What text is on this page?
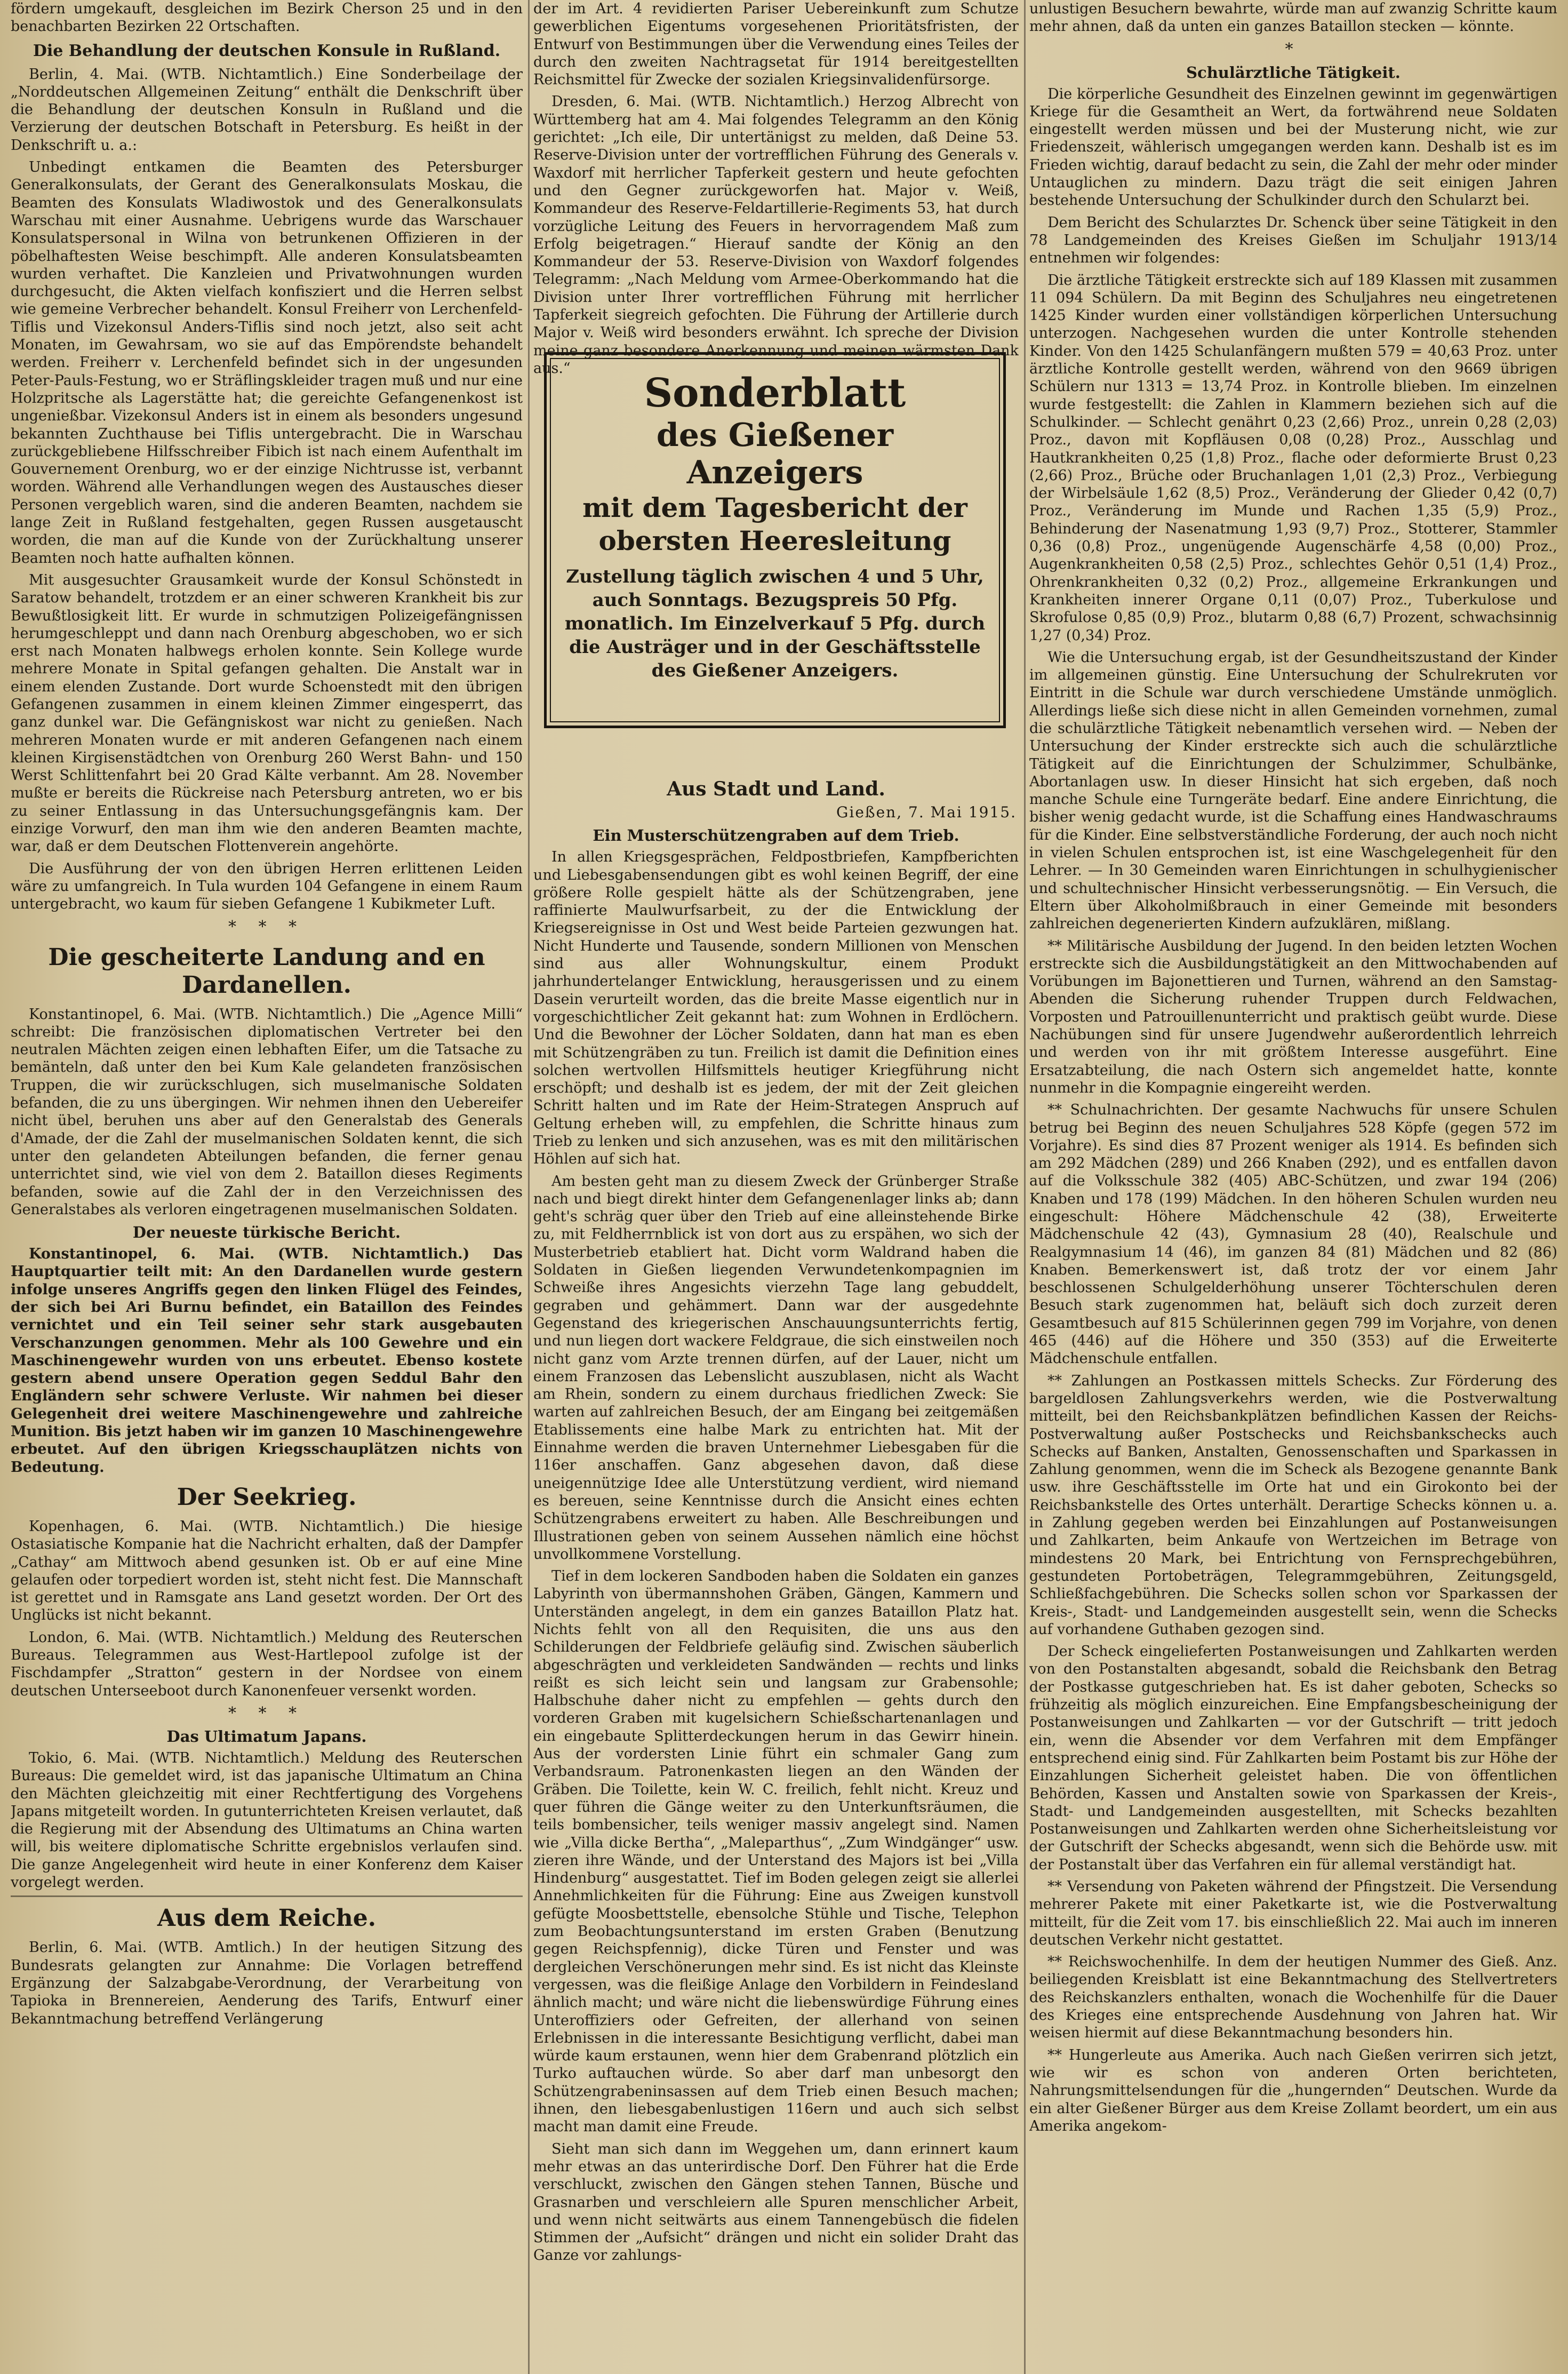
fördern umgekauft, desgleichen im Bezirk Cherson 25 und in den benachbarten Bezirken 22 Ortschaften.

Die Behandlung der deutschen Konsule in Rußland.

Berlin, 4. Mai. (WTB. Nichtamtlich.) Eine Sonderbeilage der „Norddeutschen Allgemeinen Zeitung“ enthält die Denkschrift über die Behandlung der deutschen Konsuln in Rußland und die Verzierung der deutschen Botschaft in Petersburg. Es heißt in der Denkschrift u. a.:

Unbedingt entkamen die Beamten des Petersburger Generalkonsulats, der Gerant des Generalkonsulats Moskau, die Beamten des Konsulats Wladiwostok und des Generalkonsulats Warschau mit einer Ausnahme. Uebrigens wurde das Warschauer Konsulatspersonal in Wilna von betrunkenen Offizieren in der pöbelhaftesten Weise beschimpft. Alle anderen Konsulatsbeamten wurden verhaftet. Die Kanzleien und Privatwohnungen wurden durchgesucht, die Akten vielfach konfisziert und die Herren selbst wie gemeine Verbrecher behandelt. Konsul Freiherr von Lerchenfeld-Tiflis und Vizekonsul Anders-Tiflis sind noch jetzt, also seit acht Monaten, im Gewahrsam, wo sie auf das Empörendste behandelt werden. Freiherr v. Lerchenfeld befindet sich in der ungesunden Peter-Pauls-Festung, wo er Sträflingskleider tragen muß und nur eine Holzpritsche als Lagerstätte hat; die gereichte Gefangenenkost ist ungenießbar. Vizekonsul Anders ist in einem als besonders ungesund bekannten Zuchthause bei Tiflis untergebracht. Die in Warschau zurückgebliebene Hilfsschreiber Fibich ist nach einem Aufenthalt im Gouvernement Orenburg, wo er der einzige Nichtrusse ist, verbannt worden. Während alle Verhandlungen wegen des Austausches dieser Personen vergeblich waren, sind die anderen Beamten, nachdem sie lange Zeit in Rußland festgehalten, gegen Russen ausgetauscht worden, die man auf die Kunde von der Zurückhaltung unserer Beamten noch hatte aufhalten können.

Mit ausgesuchter Grausamkeit wurde der Konsul Schönstedt in Saratow behandelt, trotzdem er an einer schweren Krankheit bis zur Bewußtlosigkeit litt. Er wurde in schmutzigen Polizeigefängnissen herumgeschleppt und dann nach Orenburg abgeschoben, wo er sich erst nach Monaten halbwegs erholen konnte. Sein Kollege wurde mehrere Monate in Spital gefangen gehalten. Die Anstalt war in einem elenden Zustande. Dort wurde Schoenstedt mit den übrigen Gefangenen zusammen in einem kleinen Zimmer eingesperrt, das ganz dunkel war. Die Gefängniskost war nicht zu genießen. Nach mehreren Monaten wurde er mit anderen Gefangenen nach einem kleinen Kirgisenstädtchen von Orenburg 260 Werst Bahn- und 150 Werst Schlittenfahrt bei 20 Grad Kälte verbannt. Am 28. November mußte er bereits die Rückreise nach Petersburg antreten, wo er bis zu seiner Entlassung in das Untersuchungsgefängnis kam. Der einzige Vorwurf, den man ihm wie den anderen Beamten machte, war, daß er dem Deutschen Flottenverein angehörte.

Die Ausführung der von den übrigen Herren erlittenen Leiden wäre zu umfangreich. In Tula wurden 104 Gefangene in einem Raum untergebracht, wo kaum für sieben Gefangene 1 Kubikmeter Luft.

* * *
Die gescheiterte Landung and en Dardanellen.

Konstantinopel, 6. Mai. (WTB. Nichtamtlich.) Die „Agence Milli“ schreibt: Die französischen diplomatischen Vertreter bei den neutralen Mächten zeigen einen lebhaften Eifer, um die Tatsache zu bemänteln, daß unter den bei Kum Kale gelandeten französischen Truppen, die wir zurückschlugen, sich muselmanische Soldaten befanden, die zu uns übergingen. Wir nehmen ihnen den Uebereifer nicht übel, beruhen uns aber auf den Generalstab des Generals d'Amade, der die Zahl der muselmanischen Soldaten kennt, die sich unter den gelandeten Abteilungen befanden, die ferner genau unterrichtet sind, wie viel von dem 2. Bataillon dieses Regiments befanden, sowie auf die Zahl der in den Verzeichnissen des Generalstabes als verloren eingetragenen muselmanischen Soldaten.

Der neueste türkische Bericht.

Konstantinopel, 6. Mai. (WTB. Nichtamtlich.) Das Hauptquartier teilt mit: An den Dardanellen wurde gestern infolge unseres Angriffs gegen den linken Flügel des Feindes, der sich bei Ari Burnu befindet, ein Bataillon des Feindes vernichtet und ein Teil seiner sehr stark ausgebauten Verschanzungen genommen. Mehr als 100 Gewehre und ein Maschinengewehr wurden von uns erbeutet. Ebenso kostete gestern abend unsere Operation gegen Seddul Bahr den Engländern sehr schwere Verluste. Wir nahmen bei dieser Gelegenheit drei weitere Maschinengewehre und zahlreiche Munition. Bis jetzt haben wir im ganzen 10 Maschinengewehre erbeutet. Auf den übrigen Kriegsschauplätzen nichts von Bedeutung.

Der Seekrieg.

Kopenhagen, 6. Mai. (WTB. Nichtamtlich.) Die hiesige Ostasiatische Kompanie hat die Nachricht erhalten, daß der Dampfer „Cathay“ am Mittwoch abend gesunken ist. Ob er auf eine Mine gelaufen oder torpediert worden ist, steht nicht fest. Die Mannschaft ist gerettet und in Ramsgate ans Land gesetzt worden. Der Ort des Unglücks ist nicht bekannt.

London, 6. Mai. (WTB. Nichtamtlich.) Meldung des Reuterschen Bureaus. Telegrammen aus West-Hartlepool zufolge ist der Fischdampfer „Stratton“ gestern in der Nordsee von einem deutschen Unterseeboot durch Kanonenfeuer versenkt worden.

* * *
Das Ultimatum Japans.

Tokio, 6. Mai. (WTB. Nichtamtlich.) Meldung des Reuterschen Bureaus: Die gemeldet wird, ist das japanische Ultimatum an China den Mächten gleichzeitig mit einer Rechtfertigung des Vorgehens Japans mitgeteilt worden. In gutunterrichteten Kreisen verlautet, daß die Regierung mit der Absendung des Ultimatums an China warten will, bis weitere diplomatische Schritte ergebnislos verlaufen sind. Die ganze Angelegenheit wird heute in einer Konferenz dem Kaiser vorgelegt werden.

Aus dem Reiche.

Berlin, 6. Mai. (WTB. Amtlich.) In der heutigen Sitzung des Bundesrats gelangten zur Annahme: Die Vorlagen betreffend Ergänzung der Salzabgabe-Verordnung, der Verarbeitung von Tapioka in Brennereien, Aenderung des Tarifs, Entwurf einer Bekanntmachung betreffend Verlängerung

der im Art. 4 revidierten Pariser Uebereinkunft zum Schutze gewerblichen Eigentums vorgesehenen Prioritätsfristen, der Entwurf von Bestimmungen über die Verwendung eines Teiles der durch den zweiten Nachtragsetat für 1914 bereitgestellten Reichsmittel für Zwecke der sozialen Kriegsinvalidenfürsorge.

Dresden, 6. Mai. (WTB. Nichtamtlich.) Herzog Albrecht von Württemberg hat am 4. Mai folgendes Telegramm an den König gerichtet: „Ich eile, Dir untertänigst zu melden, daß Deine 53. Reserve-Division unter der vortrefflichen Führung des Generals v. Waxdorf mit herrlicher Tapferkeit gestern und heute gefochten und den Gegner zurückgeworfen hat. Major v. Weiß, Kommandeur des Reserve-Feldartillerie-Regiments 53, hat durch vorzügliche Leitung des Feuers in hervorragendem Maß zum Erfolg beigetragen.“ Hierauf sandte der König an den Kommandeur der 53. Reserve-Division von Waxdorf folgendes Telegramm: „Nach Meldung vom Armee-Oberkommando hat die Division unter Ihrer vortrefflichen Führung mit herrlicher Tapferkeit siegreich gefochten. Die Führung der Artillerie durch Major v. Weiß wird besonders erwähnt. Ich spreche der Division meine ganz besondere Anerkennung und meinen wärmsten Dank aus.“

Sonderblatt
des Gießener Anzeigers
mit dem Tagesbericht der
obersten Heeresleitung
Zustellung täglich zwischen 4 und 5 Uhr, auch Sonntags. Bezugspreis 50 Pfg. monatlich. Im Einzelverkauf 5 Pfg. durch die Austräger und in der Geschäftsstelle des Gießener Anzeigers.
Aus Stadt und Land.
Gießen, 7. Mai 1915.
Ein Musterschützengraben auf dem Trieb.

In allen Kriegsgesprächen, Feldpostbriefen, Kampfberichten und Liebesgabensendungen gibt es wohl keinen Begriff, der eine größere Rolle gespielt hätte als der Schützengraben, jene raffinierte Maulwurfsarbeit, zu der die Entwicklung der Kriegsereignisse in Ost und West beide Parteien gezwungen hat. Nicht Hunderte und Tausende, sondern Millionen von Menschen sind aus aller Wohnungskultur, einem Produkt jahrhundertelanger Entwicklung, herausgerissen und zu einem Dasein verurteilt worden, das die breite Masse eigentlich nur in vorgeschichtlicher Zeit gekannt hat: zum Wohnen in Erdlöchern. Und die Bewohner der Löcher Soldaten, dann hat man es eben mit Schützengräben zu tun. Freilich ist damit die Definition eines solchen wertvollen Hilfsmittels heutiger Kriegführung nicht erschöpft; und deshalb ist es jedem, der mit der Zeit gleichen Schritt halten und im Rate der Heim-Strategen Anspruch auf Geltung erheben will, zu empfehlen, die Schritte hinaus zum Trieb zu lenken und sich anzusehen, was es mit den militärischen Höhlen auf sich hat.

Am besten geht man zu diesem Zweck der Grünberger Straße nach und biegt direkt hinter dem Gefangenenlager links ab; dann geht's schräg quer über den Trieb auf eine alleinstehende Birke zu, mit Feldherrnblick ist von dort aus zu erspähen, wo sich der Musterbetrieb etabliert hat. Dicht vorm Waldrand haben die Soldaten in Gießen liegenden Verwundetenkompagnien im Schweiße ihres Angesichts vierzehn Tage lang gebuddelt, gegraben und gehämmert. Dann war der ausgedehnte Gegenstand des kriegerischen Anschauungsunterrichts fertig, und nun liegen dort wackere Feldgraue, die sich einstweilen noch nicht ganz vom Arzte trennen dürfen, auf der Lauer, nicht um einem Franzosen das Lebenslicht auszublasen, nicht als Wacht am Rhein, sondern zu einem durchaus friedlichen Zweck: Sie warten auf zahlreichen Besuch, der am Eingang bei zeitgemäßen Etablissements eine halbe Mark zu entrichten hat. Mit der Einnahme werden die braven Unternehmer Liebesgaben für die 116er anschaffen. Ganz abgesehen davon, daß diese uneigennützige Idee alle Unterstützung verdient, wird niemand es bereuen, seine Kenntnisse durch die Ansicht eines echten Schützengrabens erweitert zu haben. Alle Beschreibungen und Illustrationen geben von seinem Aussehen nämlich eine höchst unvollkommene Vorstellung.

Tief in dem lockeren Sandboden haben die Soldaten ein ganzes Labyrinth von übermannshohen Gräben, Gängen, Kammern und Unterständen angelegt, in dem ein ganzes Bataillon Platz hat. Nichts fehlt von all den Requisiten, die uns aus den Schilderungen der Feldbriefe geläufig sind. Zwischen säuberlich abgeschrägten und verkleideten Sandwänden — rechts und links reißt es sich leicht sein und langsam zur Grabensohle; Halbschuhe daher nicht zu empfehlen — gehts durch den vorderen Graben mit kugelsichern Schießschartenanlagen und ein eingebaute Splitterdeckungen herum in das Gewirr hinein. Aus der vordersten Linie führt ein schmaler Gang zum Verbandsraum. Patronenkasten liegen an den Wänden der Gräben. Die Toilette, kein W. C. freilich, fehlt nicht. Kreuz und quer führen die Gänge weiter zu den Unterkunftsräumen, die teils bombensicher, teils weniger massiv angelegt sind. Namen wie „Villa dicke Bertha“, „Maleparthus“, „Zum Windgänger“ usw. zieren ihre Wände, und der Unterstand des Majors ist bei „Villa Hindenburg“ ausgestattet. Tief im Boden gelegen zeigt sie allerlei Annehmlichkeiten für die Führung: Eine aus Zweigen kunstvoll gefügte Moosbettstelle, ebensolche Stühle und Tische, Telephon zum Beobachtungsunterstand im ersten Graben (Benutzung gegen Reichspfennig), dicke Türen und Fenster und was dergleichen Verschönerungen mehr sind. Es ist nicht das Kleinste vergessen, was die fleißige Anlage den Vorbildern in Feindesland ähnlich macht; und wäre nicht die liebenswürdige Führung eines Unteroffiziers oder Gefreiten, der allerhand von seinen Erlebnissen in die interessante Besichtigung verflicht, dabei man würde kaum erstaunen, wenn hier dem Grabenrand plötzlich ein Turko auftauchen würde. So aber darf man unbesorgt den Schützengrabeninsassen auf dem Trieb einen Besuch machen; ihnen, den liebesgabenlustigen 116ern und auch sich selbst macht man damit eine Freude.

Sieht man sich dann im Weggehen um, dann erinnert kaum mehr etwas an das unterirdische Dorf. Den Führer hat die Erde verschluckt, zwischen den Gängen stehen Tannen, Büsche und Grasnarben und verschleiern alle Spuren menschlicher Arbeit, und wenn nicht seitwärts aus einem Tannengebüsch die fidelen Stimmen der „Aufsicht“ drängen und nicht ein solider Draht das Ganze vor zahlungs-

unlustigen Besuchern bewahrte, würde man auf zwanzig Schritte kaum mehr ahnen, daß da unten ein ganzes Bataillon stecken — könnte.

*
Schulärztliche Tätigkeit.

Die körperliche Gesundheit des Einzelnen gewinnt im gegenwärtigen Kriege für die Gesamtheit an Wert, da fortwährend neue Soldaten eingestellt werden müssen und bei der Musterung nicht, wie zur Friedenszeit, wählerisch umgegangen werden kann. Deshalb ist es im Frieden wichtig, darauf bedacht zu sein, die Zahl der mehr oder minder Untauglichen zu mindern. Dazu trägt die seit einigen Jahren bestehende Untersuchung der Schulkinder durch den Schularzt bei.

Dem Bericht des Schularztes Dr. Schenck über seine Tätigkeit in den 78 Landgemeinden des Kreises Gießen im Schuljahr 1913/14 entnehmen wir folgendes:

Die ärztliche Tätigkeit erstreckte sich auf 189 Klassen mit zusammen 11 094 Schülern. Da mit Beginn des Schuljahres neu eingetretenen 1425 Kinder wurden einer vollständigen körperlichen Untersuchung unterzogen. Nachgesehen wurden die unter Kontrolle stehenden Kinder. Von den 1425 Schulanfängern mußten 579 = 40,63 Proz. unter ärztliche Kontrolle gestellt werden, während von den 9669 übrigen Schülern nur 1313 = 13,74 Proz. in Kontrolle blieben. Im einzelnen wurde festgestellt: die Zahlen in Klammern beziehen sich auf die Schulkinder. — Schlecht genährt 0,23 (2,66) Proz., unrein 0,28 (2,03) Proz., davon mit Kopfläusen 0,08 (0,28) Proz., Ausschlag und Hautkrankheiten 0,25 (1,8) Proz., flache oder deformierte Brust 0,23 (2,66) Proz., Brüche oder Bruchanlagen 1,01 (2,3) Proz., Verbiegung der Wirbelsäule 1,62 (8,5) Proz., Veränderung der Glieder 0,42 (0,7) Proz., Veränderung im Munde und Rachen 1,35 (5,9) Proz., Behinderung der Nasenatmung 1,93 (9,7) Proz., Stotterer, Stammler 0,36 (0,8) Proz., ungenügende Augenschärfe 4,58 (0,00) Proz., Augenkrankheiten 0,58 (2,5) Proz., schlechtes Gehör 0,51 (1,4) Proz., Ohrenkrankheiten 0,32 (0,2) Proz., allgemeine Erkrankungen und Krankheiten innerer Organe 0,11 (0,07) Proz., Tuberkulose und Skrofulose 0,85 (0,9) Proz., blutarm 0,88 (6,7) Prozent, schwachsinnig 1,27 (0,34) Proz.

Wie die Untersuchung ergab, ist der Gesundheitszustand der Kinder im allgemeinen günstig. Eine Untersuchung der Schulrekruten vor Eintritt in die Schule war durch verschiedene Umstände unmöglich. Allerdings ließe sich diese nicht in allen Gemeinden vornehmen, zumal die schulärztliche Tätigkeit nebenamtlich versehen wird. — Neben der Untersuchung der Kinder erstreckte sich auch die schulärztliche Tätigkeit auf die Einrichtungen der Schulzimmer, Schulbänke, Abortanlagen usw. In dieser Hinsicht hat sich ergeben, daß noch manche Schule eine Turngeräte bedarf. Eine andere Einrichtung, die bisher wenig gedacht wurde, ist die Schaffung eines Handwaschraums für die Kinder. Eine selbstverständliche Forderung, der auch noch nicht in vielen Schulen entsprochen ist, ist eine Waschgelegenheit für den Lehrer. — In 30 Gemeinden waren Einrichtungen in schulhygienischer und schultechnischer Hinsicht verbesserungsnötig. — Ein Versuch, die Eltern über Alkoholmißbrauch in einer Gemeinde mit besonders zahlreichen degenerierten Kindern aufzuklären, mißlang.

** Militärische Ausbildung der Jugend. In den beiden letzten Wochen erstreckte sich die Ausbildungstätigkeit an den Mittwochabenden auf Vorübungen im Bajonettieren und Turnen, während an den Samstag-Abenden die Sicherung ruhender Truppen durch Feldwachen, Vorposten und Patrouillenunterricht und praktisch geübt wurde. Diese Nachübungen sind für unsere Jugendwehr außerordentlich lehrreich und werden von ihr mit größtem Interesse ausgeführt. Eine Ersatzabteilung, die nach Ostern sich angemeldet hatte, konnte nunmehr in die Kompagnie eingereiht werden.

** Schulnachrichten. Der gesamte Nachwuchs für unsere Schulen betrug bei Beginn des neuen Schuljahres 528 Köpfe (gegen 572 im Vorjahre). Es sind dies 87 Prozent weniger als 1914. Es befinden sich am 292 Mädchen (289) und 266 Knaben (292), und es entfallen davon auf die Volksschule 382 (405) ABC-Schützen, und zwar 194 (206) Knaben und 178 (199) Mädchen. In den höheren Schulen wurden neu eingeschult: Höhere Mädchenschule 42 (38), Erweiterte Mädchenschule 42 (43), Gymnasium 28 (40), Realschule und Realgymnasium 14 (46), im ganzen 84 (81) Mädchen und 82 (86) Knaben. Bemerkenswert ist, daß trotz der vor einem Jahr beschlossenen Schulgelderhöhung unserer Töchterschulen deren Besuch stark zugenommen hat, beläuft sich doch zurzeit deren Gesamtbesuch auf 815 Schülerinnen gegen 799 im Vorjahre, von denen 465 (446) auf die Höhere und 350 (353) auf die Erweiterte Mädchenschule entfallen.

** Zahlungen an Postkassen mittels Schecks. Zur Förderung des bargeldlosen Zahlungsverkehrs werden, wie die Postverwaltung mitteilt, bei den Reichsbankplätzen befindlichen Kassen der Reichs-Postverwaltung außer Postschecks und Reichsbankschecks auch Schecks auf Banken, Anstalten, Genossenschaften und Sparkassen in Zahlung genommen, wenn die im Scheck als Bezogene genannte Bank usw. ihre Geschäftsstelle im Orte hat und ein Girokonto bei der Reichsbankstelle des Ortes unterhält. Derartige Schecks können u. a. in Zahlung gegeben werden bei Einzahlungen auf Postanweisungen und Zahlkarten, beim Ankaufe von Wertzeichen im Betrage von mindestens 20 Mark, bei Entrichtung von Fernsprechgebühren, gestundeten Portobeträgen, Telegrammgebühren, Zeitungsgeld, Schließfachgebühren. Die Schecks sollen schon vor Sparkassen der Kreis-, Stadt- und Landgemeinden ausgestellt sein, wenn die Schecks auf vorhandene Guthaben gezogen sind.

Der Scheck eingelieferten Postanweisungen und Zahlkarten werden von den Postanstalten abgesandt, sobald die Reichsbank den Betrag der Postkasse gutgeschrieben hat. Es ist daher geboten, Schecks so frühzeitig als möglich einzureichen. Eine Empfangsbescheinigung der Postanweisungen und Zahlkarten — vor der Gutschrift — tritt jedoch ein, wenn die Absender vor dem Verfahren mit dem Empfänger entsprechend einig sind. Für Zahlkarten beim Postamt bis zur Höhe der Einzahlungen Sicherheit geleistet haben. Die von öffentlichen Behörden, Kassen und Anstalten sowie von Sparkassen der Kreis-, Stadt- und Landgemeinden ausgestellten, mit Schecks bezahlten Postanweisungen und Zahlkarten werden ohne Sicherheitsleistung vor der Gutschrift der Schecks abgesandt, wenn sich die Behörde usw. mit der Postanstalt über das Verfahren ein für allemal verständigt hat.

** Versendung von Paketen während der Pfingstzeit. Die Versendung mehrerer Pakete mit einer Paketkarte ist, wie die Postverwaltung mitteilt, für die Zeit vom 17. bis einschließlich 22. Mai auch im inneren deutschen Verkehr nicht gestattet.

** Reichswochenhilfe. In dem der heutigen Nummer des Gieß. Anz. beiliegenden Kreisblatt ist eine Bekanntmachung des Stellvertreters des Reichskanzlers enthalten, wonach die Wochenhilfe für die Dauer des Krieges eine entsprechende Ausdehnung von Jahren hat. Wir weisen hiermit auf diese Bekanntmachung besonders hin.

** Hungerleute aus Amerika. Auch nach Gießen verirren sich jetzt, wie wir es schon von anderen Orten berichteten, Nahrungsmittelsendungen für die „hungernden“ Deutschen. Wurde da ein alter Gießener Bürger aus dem Kreise Zollamt beordert, um ein aus Amerika angekom-
